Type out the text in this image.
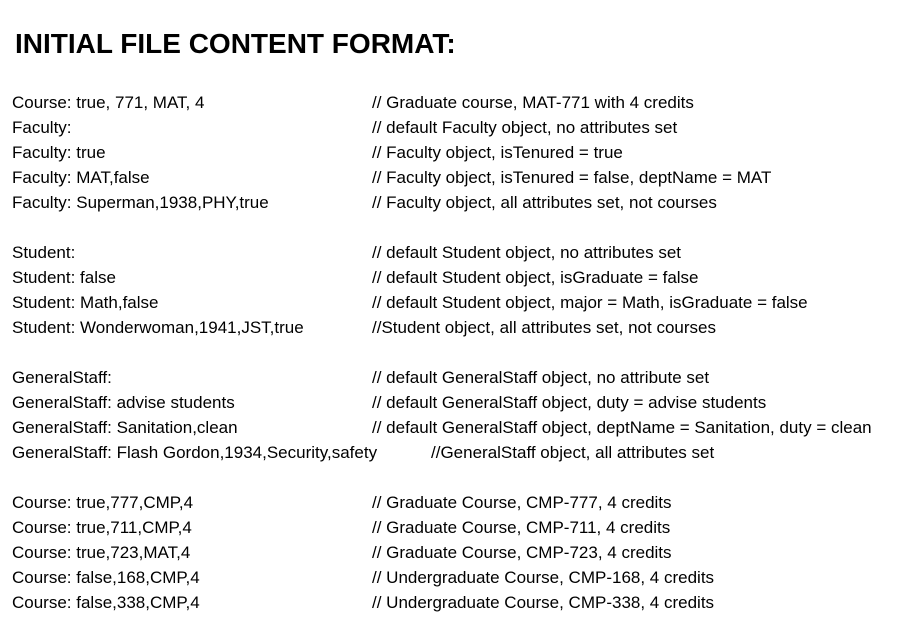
INITIAL FILE CONTENT FORMAT:
Course: true, 771, MAT, 4	// Graduate course, MAT-771 with 4 credits
Faculty:	// default Faculty object, no attributes set
Faculty: true	// Faculty object, isTenured = true
Faculty: MAT,false	// Faculty object, isTenured = false, deptName = MAT
Faculty: Superman,1938,PHY,true	// Faculty object, all attributes set, not courses
Student:	// default Student object, no attributes set
Student: false	// default Student object, isGraduate = false
Student: Math,false	// default Student object, major = Math, isGraduate = false
Student: Wonderwoman,1941,JST,true	//Student object, all attributes set, not courses
GeneralStaff:	// default GeneralStaff object, no attribute set
GeneralStaff: advise students	// default GeneralStaff object, duty = advise students
GeneralStaff: Sanitation,clean	// default GeneralStaff object, deptName = Sanitation, duty = clean
GeneralStaff: Flash Gordon,1934,Security,safety	//GeneralStaff object, all attributes set
Course: true,777,CMP,4	// Graduate Course, CMP-777, 4 credits
Course: true,711,CMP,4	// Graduate Course, CMP-711, 4 credits
Course: true,723,MAT,4	// Graduate Course, CMP-723, 4 credits
Course: false,168,CMP,4	// Undergraduate Course, CMP-168, 4 credits
Course: false,338,CMP,4	// Undergraduate Course, CMP-338, 4 credits
